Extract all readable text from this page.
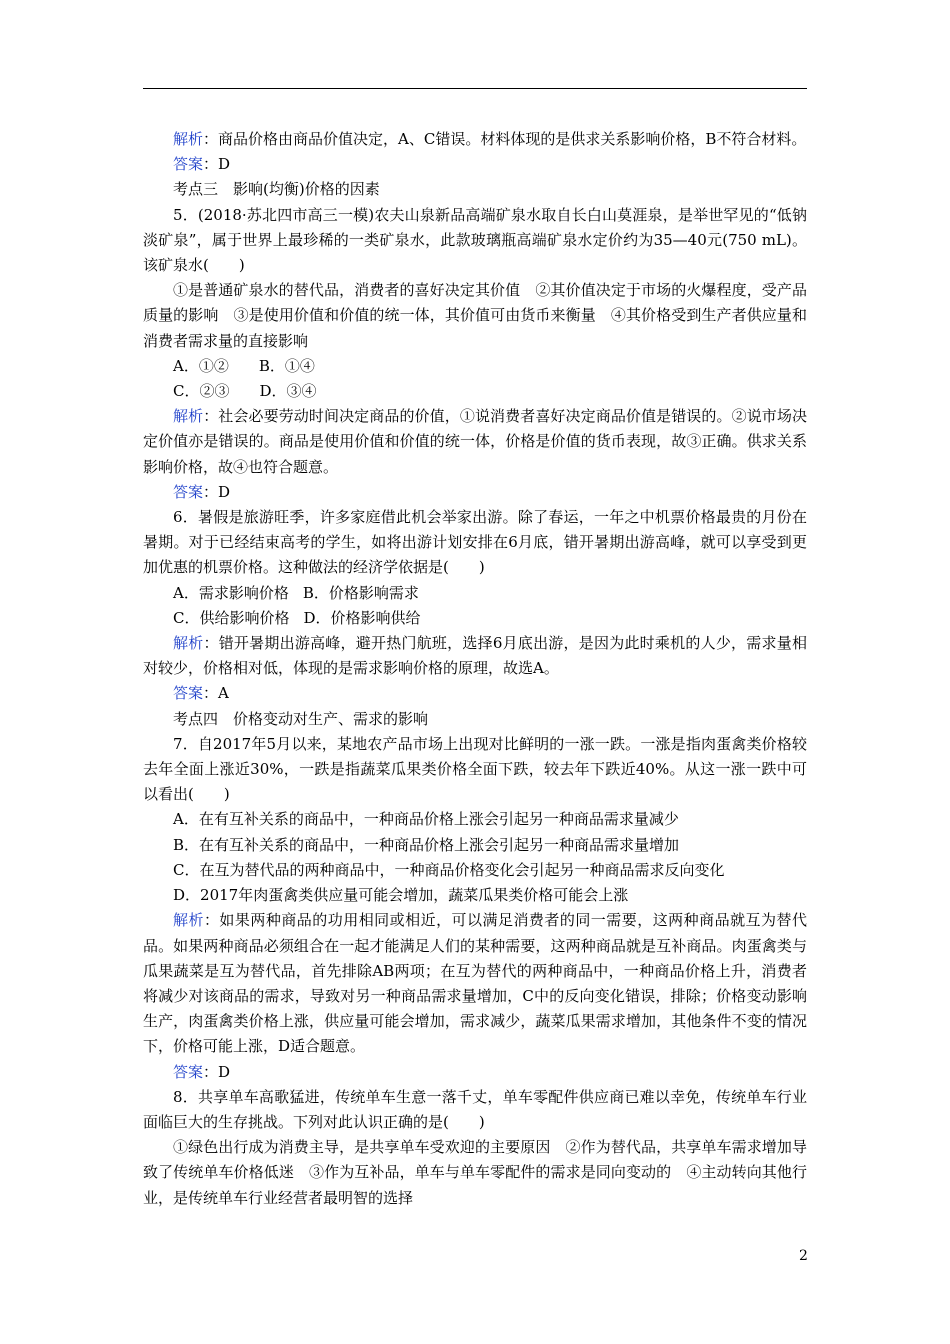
解析：商品价格由商品价值决定，A、C错误。材料体现的是供求关系影响价格，B不符合材料。

答案：D

考点三　影响(均衡)价格的因素

5．(2018·苏北四市高三一模)农夫山泉新品高端矿泉水取自长白山莫涯泉，是举世罕见的“低钠淡矿泉”，属于世界上最珍稀的一类矿泉水，此款玻璃瓶高端矿泉水定价约为35—40元(750 mL)。该矿泉水(　　)

①是普通矿泉水的替代品，消费者的喜好决定其价值　②其价值决定于市场的火爆程度，受产品质量的影响　③是使用价值和价值的统一体，其价值可由货币来衡量　④其价格受到生产者供应量和消费者需求量的直接影响

A．①② B．①④

C．②③ D．③④

解析：社会必要劳动时间决定商品的价值，①说消费者喜好决定商品价值是错误的。②说市场决定价值亦是错误的。商品是使用价值和价值的统一体，价格是价值的货币表现，故③正确。供求关系影响价格，故④也符合题意。

答案：D

6．暑假是旅游旺季，许多家庭借此机会举家出游。除了春运，一年之中机票价格最贵的月份在暑期。对于已经结束高考的学生，如将出游计划安排在6月底，错开暑期出游高峰，就可以享受到更加优惠的机票价格。这种做法的经济学依据是(　　)

A．需求影响价格 B．价格影响需求

C．供给影响价格 D．价格影响供给

解析：错开暑期出游高峰，避开热门航班，选择6月底出游，是因为此时乘机的人少，需求量相对较少，价格相对低，体现的是需求影响价格的原理，故选A。

答案：A

考点四　价格变动对生产、需求的影响

7．自2017年5月以来，某地农产品市场上出现对比鲜明的一涨一跌。一涨是指肉蛋禽类价格较去年全面上涨近30%，一跌是指蔬菜瓜果类价格全面下跌，较去年下跌近40%。从这一涨一跌中可以看出(　　)

A．在有互补关系的商品中，一种商品价格上涨会引起另一种商品需求量减少

B．在有互补关系的商品中，一种商品价格上涨会引起另一种商品需求量增加

C．在互为替代品的两种商品中，一种商品价格变化会引起另一种商品需求反向变化

D．2017年肉蛋禽类供应量可能会增加，蔬菜瓜果类价格可能会上涨

解析：如果两种商品的功用相同或相近，可以满足消费者的同一需要，这两种商品就互为替代品。如果两种商品必须组合在一起才能满足人们的某种需要，这两种商品就是互补商品。肉蛋禽类与瓜果蔬菜是互为替代品，首先排除AB两项；在互为替代的两种商品中，一种商品价格上升，消费者将减少对该商品的需求，导致对另一种商品需求量增加，C中的反向变化错误，排除；价格变动影响生产，肉蛋禽类价格上涨，供应量可能会增加，需求减少，蔬菜瓜果需求增加，其他条件不变的情况下，价格可能上涨，D适合题意。

答案：D

8．共享单车高歌猛进，传统单车生意一落千丈，单车零配件供应商已难以幸免，传统单车行业面临巨大的生存挑战。下列对此认识正确的是(　　)

①绿色出行成为消费主导，是共享单车受欢迎的主要原因　②作为替代品，共享单车需求增加导致了传统单车价格低迷　③作为互补品，单车与单车零配件的需求是同向变动的　④主动转向其他行业，是传统单车行业经营者最明智的选择

2
